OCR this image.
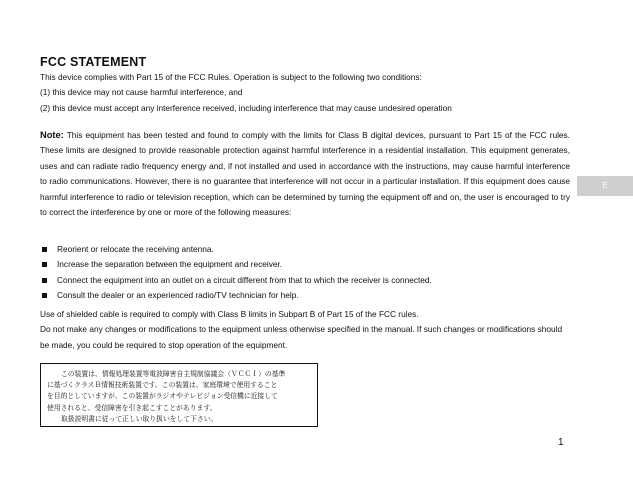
FCC STATEMENT
This device complies with Part 15 of the FCC Rules. Operation is subject to the following two conditions:
(1) this device may not cause harmful interference, and
(2) this device must accept any interference received, including interference that may cause undesired operation

Note: This equipment has been tested and found to comply with the limits for Class B digital devices, pursuant to Part 15 of the FCC rules. These limits are designed to provide reasonable protection against harmful interference in a residential installation. This equipment generates, uses and can radiate radio frequency energy and, if not installed and used in accordance with the instructions, may cause harmful interference to radio communications. However, there is no guarantee that interference will not occur in a particular installation. If this equipment does cause harmful interference to radio or television reception, which can be determined by turning the equipment off and on, the user is encouraged to try to correct the interference by one or more of the following measures:

Reorient or relocate the receiving antenna.
Increase the separation between the equipment and receiver.
Connect the equipment into an outlet on a circuit different from that to which the receiver is connected.
Consult the dealer or an experienced radio/TV technician for help.
Use of shielded cable is required to comply with Class B limits in Subpart B of Part 15 of the FCC rules.
Do not make any changes or modifications to the equipment unless otherwise specified in the manual. If such changes or modifications should be made, you could be required to stop operation of the equipment.
この装置は、情報処理装置等電波障害自主規制協議会（ＶＣＣＩ）の基準
に基づくクラスＢ情報技術装置です。この装置は、家庭環境で使用すること
を目的としていますが、この装置がラジオやテレビジョン受信機に近接して
使用されると、受信障害を引き起こすことがあります。
取扱説明書に従って正しい取り扱いをして下さい。
E
1
